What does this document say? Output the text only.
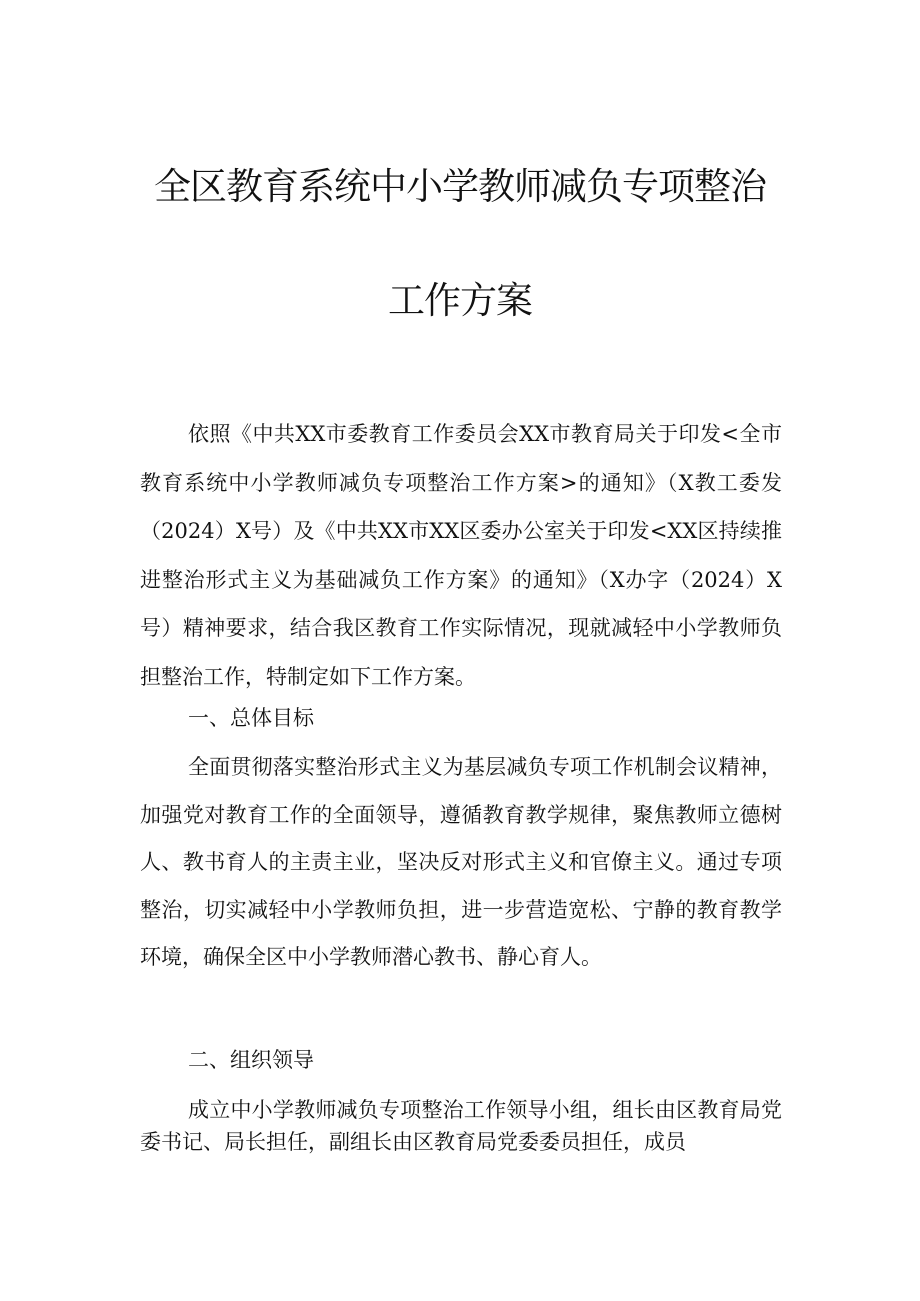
全区教育系统中小学教师减负专项整治
工作方案

依照《中共XX市委教育工作委员会XX市教育局关于印发<全市教育系统中小学教师减负专项整治工作方案>的通知》（X教工委发（2024）X号）及《中共XX市XX区委办公室关于印发<XX区持续推进整治形式主义为基础减负工作方案》的通知》（X办字（2024）X号）精神要求，结合我区教育工作实际情况，现就减轻中小学教师负担整治工作，特制定如下工作方案。

一、总体目标

全面贯彻落实整治形式主义为基层减负专项工作机制会议精神，加强党对教育工作的全面领导，遵循教育教学规律，聚焦教师立德树人、教书育人的主责主业，坚决反对形式主义和官僚主义。通过专项整治，切实减轻中小学教师负担，进一步营造宽松、宁静的教育教学环境，确保全区中小学教师潜心教书、静心育人。

二、组织领导

成立中小学教师减负专项整治工作领导小组，组长由区教育局党委书记、局长担任，副组长由区教育局党委委员担任，成员
